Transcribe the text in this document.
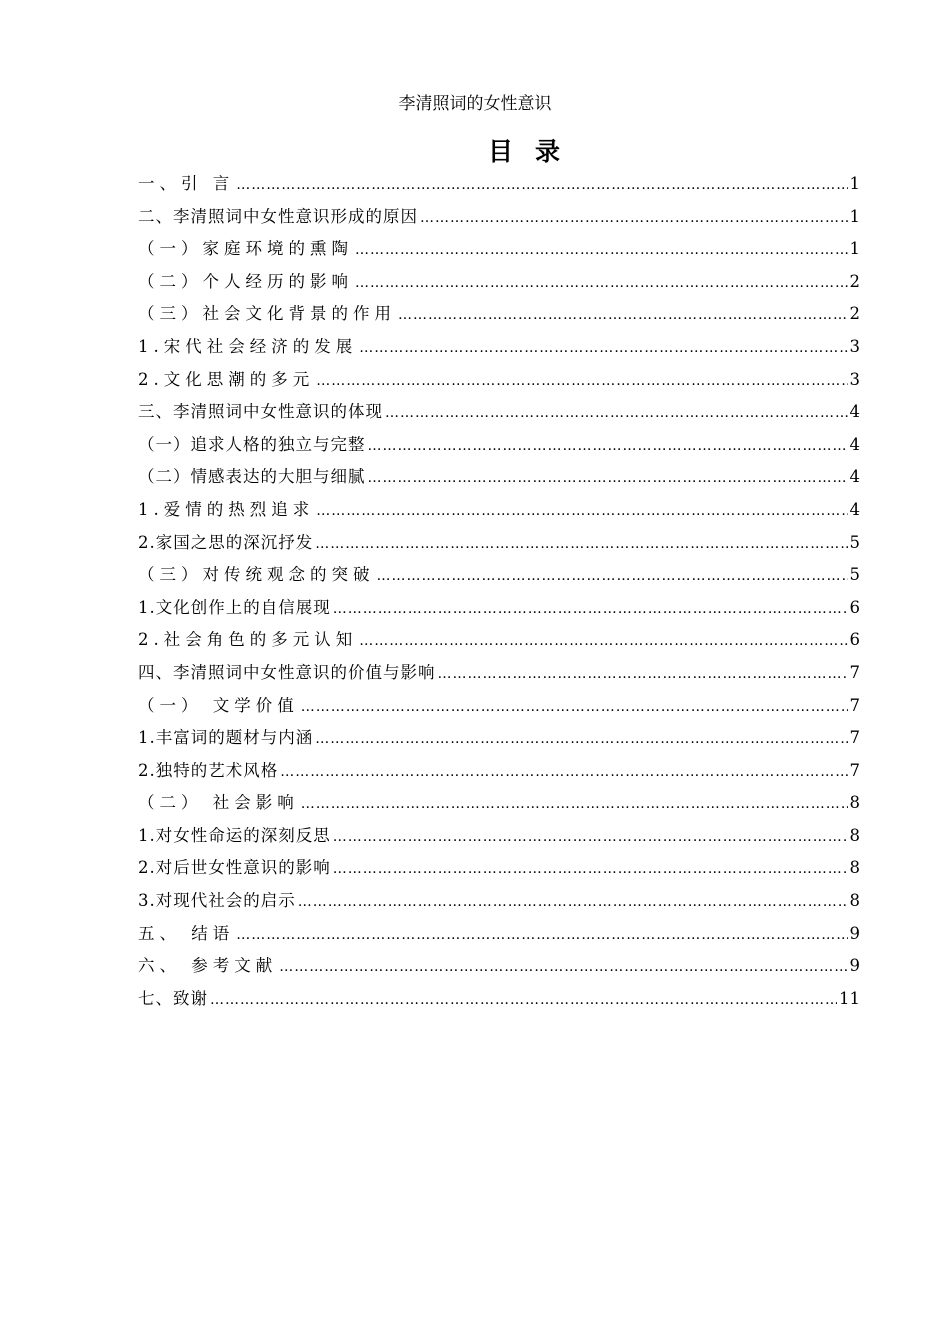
李清照词的女性意识
目 录
一、引 言 ……………………………………………………………………………………………………………………………………………………………………………………………………	1
二、李清照词中女性意识形成的原因 ……………………………………………………………………………………………………………………………………………………………………………………………………	1
（一）家庭环境的熏陶 ……………………………………………………………………………………………………………………………………………………………………………………………………	1
（二）个人经历的影响 ……………………………………………………………………………………………………………………………………………………………………………………………………	2
（三）社会文化背景的作用 ……………………………………………………………………………………………………………………………………………………………………………………………………	2
1.宋代社会经济的发展 ……………………………………………………………………………………………………………………………………………………………………………………………………	3
2.文化思潮的多元 ……………………………………………………………………………………………………………………………………………………………………………………………………	3
三、李清照词中女性意识的体现 ……………………………………………………………………………………………………………………………………………………………………………………………………	4
（一）追求人格的独立与完整 ……………………………………………………………………………………………………………………………………………………………………………………………………	4
（二）情感表达的大胆与细腻 ……………………………………………………………………………………………………………………………………………………………………………………………………	4
1.爱情的热烈追求 ……………………………………………………………………………………………………………………………………………………………………………………………………	4
2.家国之思的深沉抒发 ……………………………………………………………………………………………………………………………………………………………………………………………………	5
（三）对传统观念的突破 ……………………………………………………………………………………………………………………………………………………………………………………………………	5
1.文化创作上的自信展现 ……………………………………………………………………………………………………………………………………………………………………………………………………	6
2.社会角色的多元认知 ……………………………………………………………………………………………………………………………………………………………………………………………………	6
四、李清照词中女性意识的价值与影响 ……………………………………………………………………………………………………………………………………………………………………………………………………	7
（一） 文学价值 ……………………………………………………………………………………………………………………………………………………………………………………………………	7
1.丰富词的题材与内涵 ……………………………………………………………………………………………………………………………………………………………………………………………………	7
2.独特的艺术风格 ……………………………………………………………………………………………………………………………………………………………………………………………………	7
（二） 社会影响 ……………………………………………………………………………………………………………………………………………………………………………………………………	8
1.对女性命运的深刻反思 ……………………………………………………………………………………………………………………………………………………………………………………………………	8
2.对后世女性意识的影响 ……………………………………………………………………………………………………………………………………………………………………………………………………	8
3.对现代社会的启示 ……………………………………………………………………………………………………………………………………………………………………………………………………	8
五、 结语 ……………………………………………………………………………………………………………………………………………………………………………………………………	9
六、 参考文献 ……………………………………………………………………………………………………………………………………………………………………………………………………	9
七、致谢 ……………………………………………………………………………………………………………………………………………………………………………………………………	11
